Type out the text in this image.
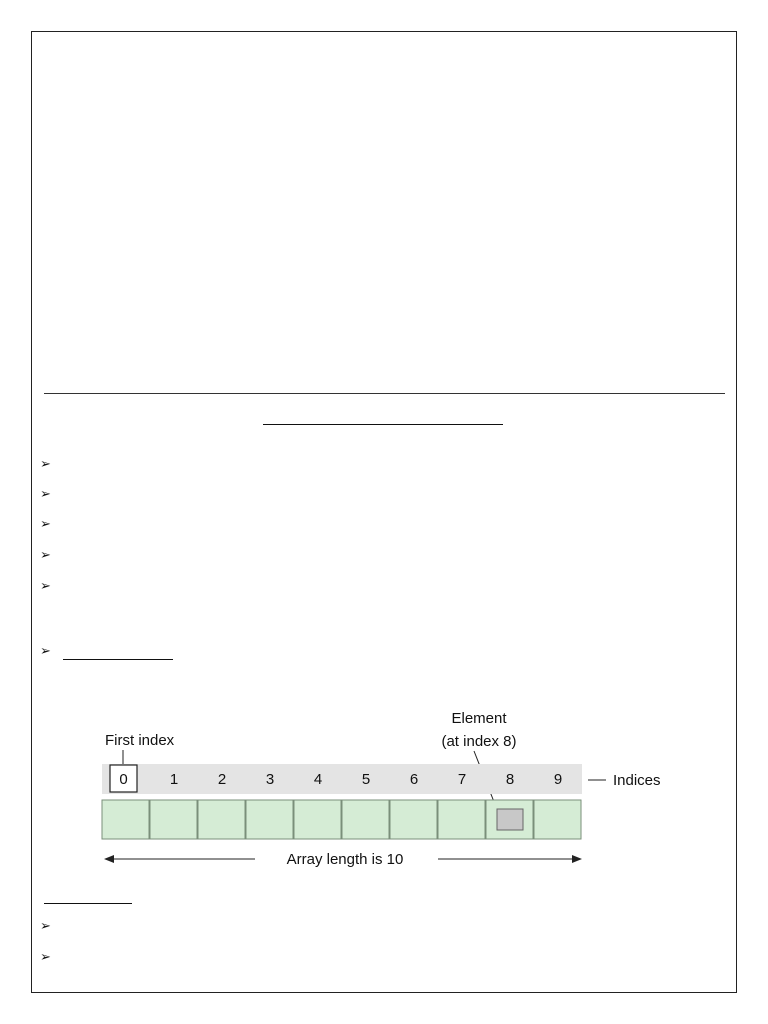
➢
➢
➢
➢
➢
➢
First index
Element
(at index 8)
0	1	2	3	4	5	6	7	8	9	Indices
Array length is 10
➢
➢
